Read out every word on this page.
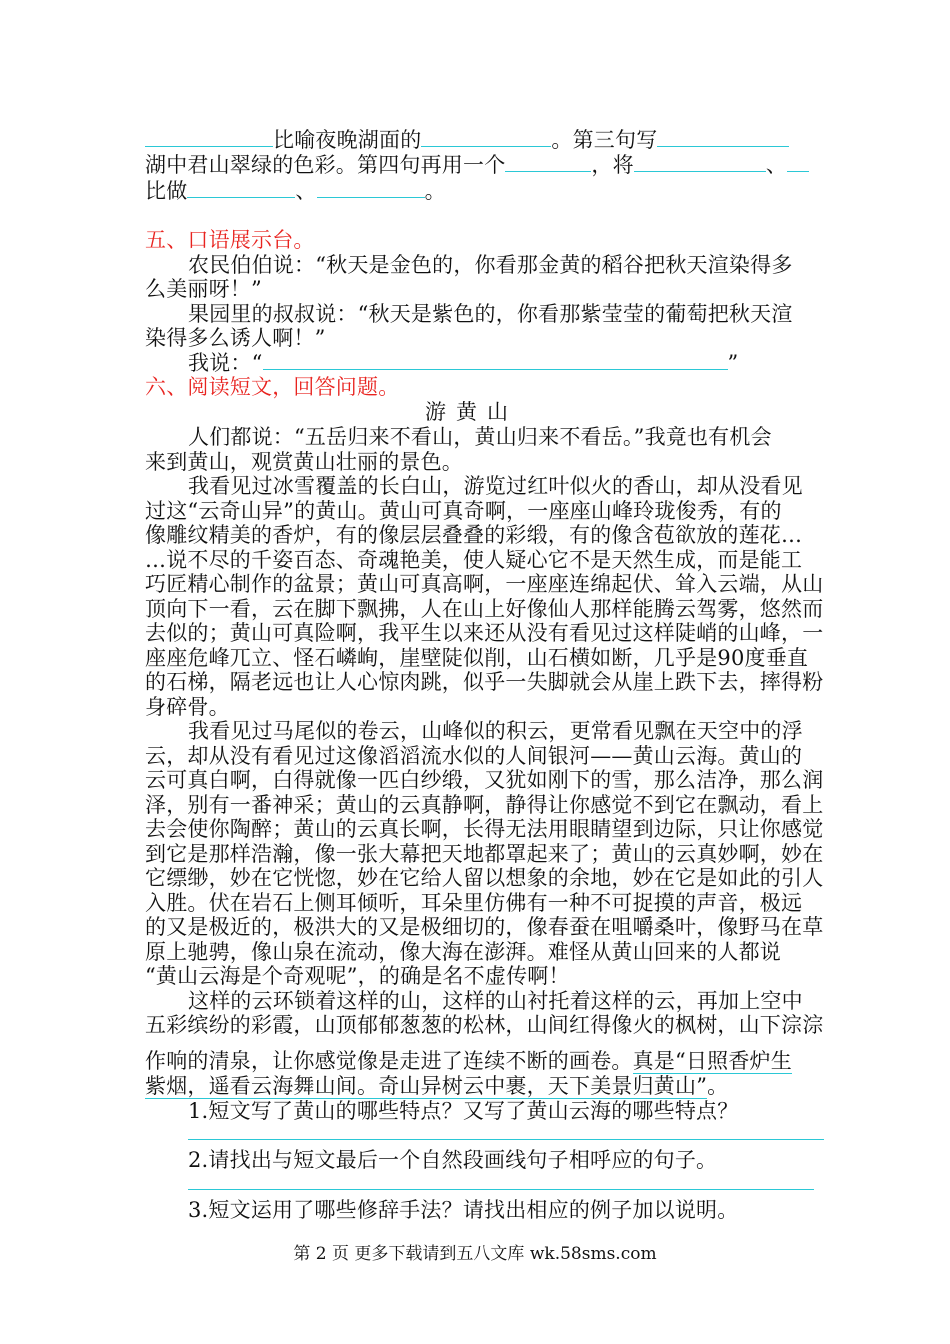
比喻夜晚湖面的	。第三句写
湖中君山翠绿的色彩。第四句再用一个	，将	、
比做	、	。
五、口语展示台。
农民伯伯说：“秋天是金色的，你看那金黄的稻谷把秋天渲染得多
么美丽呀！”
果园里的叔叔说：“秋天是紫色的，你看那紫莹莹的葡萄把秋天渲
染得多么诱人啊！”
我说：“	”
六、阅读短文，回答问题。
游黄山
人们都说：“五岳归来不看山，黄山归来不看岳。”我竟也有机会
来到黄山，观赏黄山壮丽的景色。
我看见过冰雪覆盖的长白山，游览过红叶似火的香山，却从没看见
过这“云奇山异”的黄山。黄山可真奇啊，一座座山峰玲珑俊秀，有的
像雕纹精美的香炉，有的像层层叠叠的彩缎，有的像含苞欲放的莲花…
…说不尽的千姿百态、奇魂艳美，使人疑心它不是天然生成，而是能工
巧匠精心制作的盆景；黄山可真高啊，一座座连绵起伏、耸入云端，从山
顶向下一看，云在脚下飘拂，人在山上好像仙人那样能腾云驾雾，悠然而
去似的；黄山可真险啊，我平生以来还从没有看见过这样陡峭的山峰，一
座座危峰兀立、怪石嶙峋，崖壁陡似削，山石横如断，几乎是90度垂直
的石梯，隔老远也让人心惊肉跳，似乎一失脚就会从崖上跌下去，摔得粉
身碎骨。
我看见过马尾似的卷云，山峰似的积云，更常看见飘在天空中的浮
云，却从没有看见过这像滔滔流水似的人间银河——黄山云海。黄山的
云可真白啊，白得就像一匹白纱缎，又犹如刚下的雪，那么洁净，那么润
泽，别有一番神采；黄山的云真静啊，静得让你感觉不到它在飘动，看上
去会使你陶醉；黄山的云真长啊，长得无法用眼睛望到边际，只让你感觉
到它是那样浩瀚，像一张大幕把天地都罩起来了；黄山的云真妙啊，妙在
它缥缈，妙在它恍惚，妙在它给人留以想象的余地，妙在它是如此的引人
入胜。伏在岩石上侧耳倾听，耳朵里仿佛有一种不可捉摸的声音，极远
的又是极近的，极洪大的又是极细切的，像春蚕在咀嚼桑叶，像野马在草
原上驰骋，像山泉在流动，像大海在澎湃。难怪从黄山回来的人都说
“黄山云海是个奇观呢”，的确是名不虚传啊！
这样的云环锁着这样的山，这样的山衬托着这样的云，再加上空中
五彩缤纷的彩霞，山顶郁郁葱葱的松林，山间红得像火的枫树，山下淙淙
作响的清泉，让你感觉像是走进了连续不断的画卷。真是“日照香炉生
紫烟，遥看云海舞山间。奇山异树云中裹，天下美景归黄山”。
1.短文写了黄山的哪些特点？又写了黄山云海的哪些特点？
2.请找出与短文最后一个自然段画线句子相呼应的句子。
3.短文运用了哪些修辞手法？请找出相应的例子加以说明。
第 2 页 更多下载请到五八文库 wk.58sms.com
